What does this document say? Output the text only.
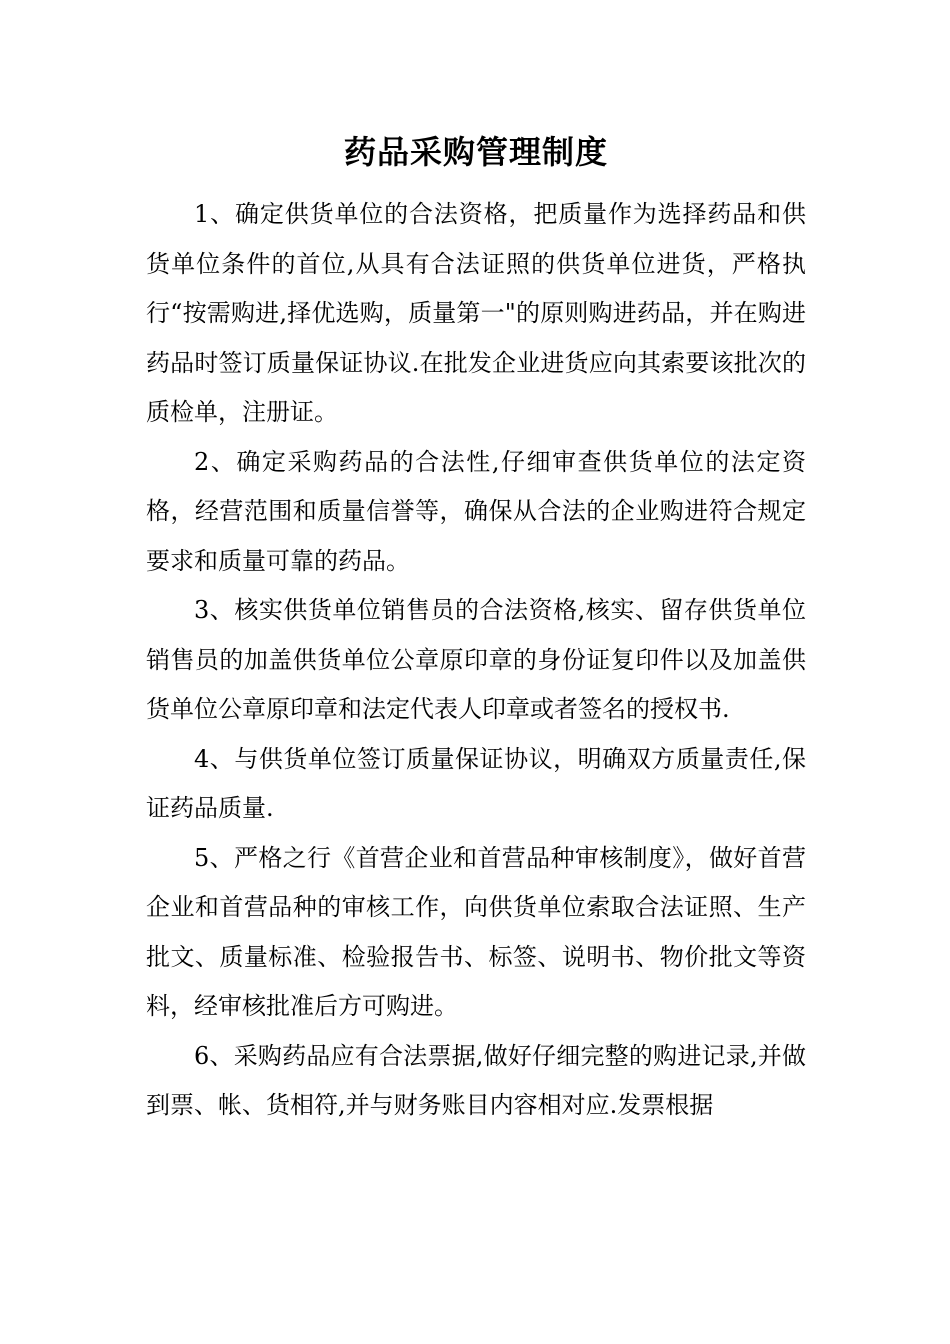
药品采购管理制度

1、确定供货单位的合法资格，把质量作为选择药品和供货单位条件的首位,从具有合法证照的供货单位进货，严格执行“按需购进,择优选购，质量第一"的原则购进药品，并在购进药品时签订质量保证协议.在批发企业进货应向其索要该批次的质检单，注册证。

2、确定采购药品的合法性,仔细审查供货单位的法定资格，经营范围和质量信誉等，确保从合法的企业购进符合规定要求和质量可靠的药品。

3、核实供货单位销售员的合法资格,核实、留存供货单位销售员的加盖供货单位公章原印章的身份证复印件以及加盖供货单位公章原印章和法定代表人印章或者签名的授权书.

4、与供货单位签订质量保证协议，明确双方质量责任,保证药品质量.

5、严格之行《首营企业和首营品种审核制度》，做好首营企业和首营品种的审核工作，向供货单位索取合法证照、生产批文、质量标准、检验报告书、标签、说明书、物价批文等资料，经审核批准后方可购进。

6、采购药品应有合法票据,做好仔细完整的购进记录,并做到票、帐、货相符,并与财务账目内容相对应.发票根据
